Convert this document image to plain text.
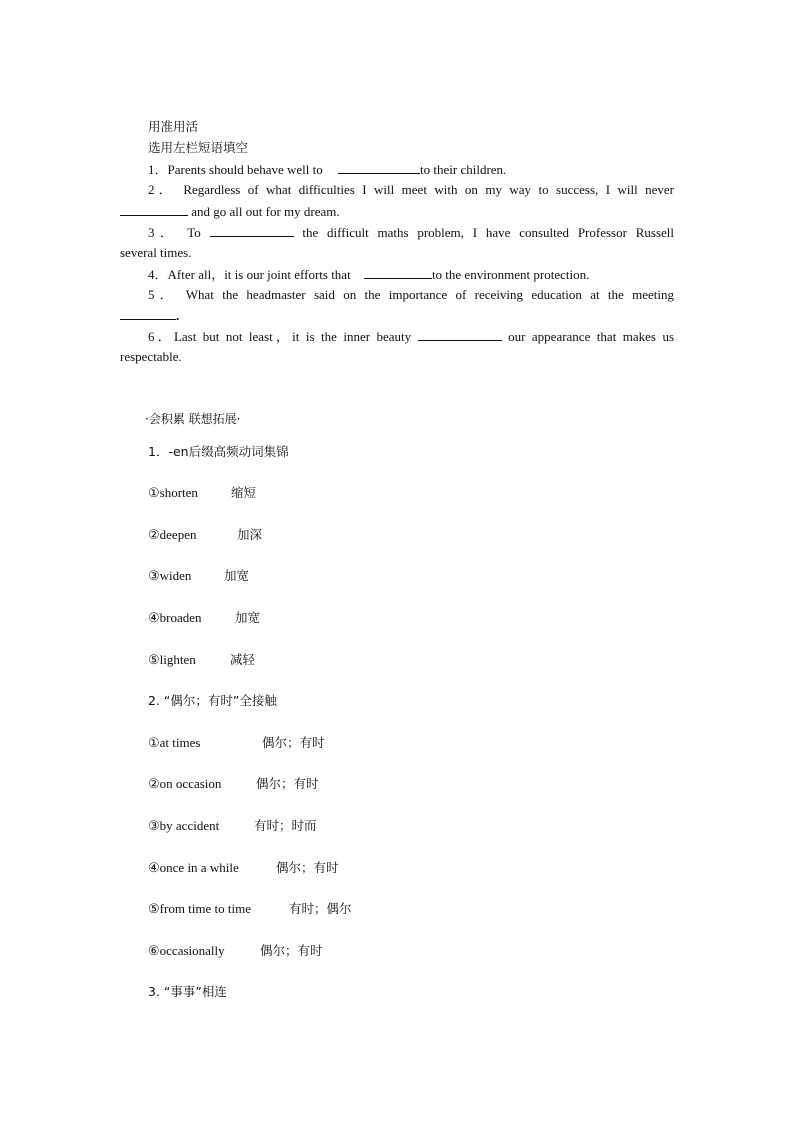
用准用活
选用左栏短语填空
1．Parents should behave well to	to their children.
2． Regardless of what difficulties I will meet with on my way to success, I will never
and go all out for my dream.
3． To	the difficult maths problem, I have consulted Professor Russell
several times.
4．After all，it is our joint efforts that	to the environment protection.
5． What the headmaster said on the importance of receiving education at the meeting
.
6．Last but not least，it is the inner beauty	our appearance that makes us
respectable.
·会积累 联想拓展·
1．-en后缀高频动词集锦
①shorten	缩短
②deepen	加深
③widen	加宽
④broaden	加宽
⑤lighten	减轻
2. “偶尔；有时”全接触
①at times	偶尔；有时
②on occasion	偶尔；有时
③by accident	有时；时而
④once in a while	偶尔；有时
⑤from time to time	有时；偶尔
⑥occasionally	偶尔；有时
3. “事事”相连
